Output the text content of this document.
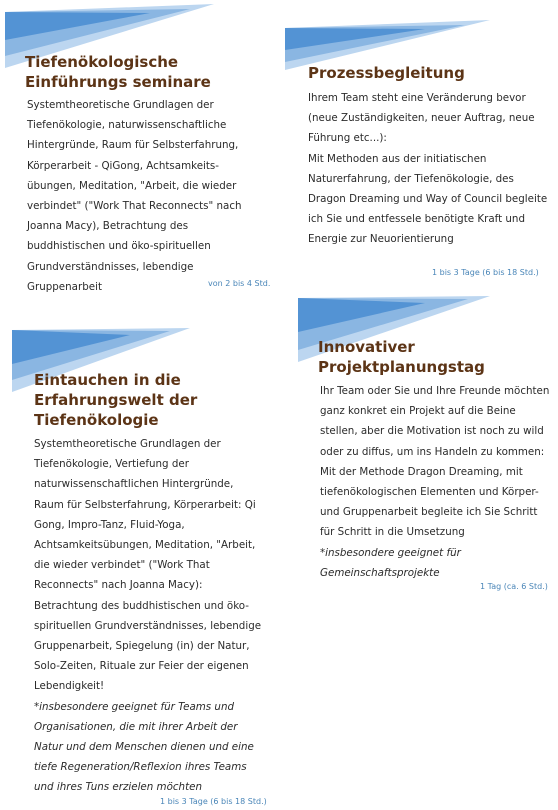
Tiefenökologische Einführungs seminare

Systemtheoretische Grundlagen der Tiefenökologie, naturwissenschaftliche Hintergründe, Raum für Selbsterfahrung, Körperarbeit - QiGong, Achtsamkeits-übungen, Meditation, "Arbeit, die wieder verbindet" ("Work That Reconnects" nach Joanna Macy), Betrachtung des buddhistischen und öko-spirituellen Grundverständnisses, lebendige Gruppenarbeit	von 2 bis 4 Std.
Prozessbegleitung

Ihrem Team steht eine Veränderung bevor (neue Zuständigkeiten, neuer Auftrag, neue Führung etc...):

Mit Methoden aus der initiatischen Naturerfahrung, der Tiefenökologie, des Dragon Dreaming und Way of Council begleite ich Sie und entfessele benötigte Kraft und Energie zur Neuorientierung

1 bis 3 Tage (6 bis 18 Std.)
Eintauchen in die Erfahrungswelt der Tiefenökologie

Systemtheoretische Grundlagen der Tiefenökologie, Vertiefung der naturwissenschaftlichen Hintergründe, Raum für Selbsterfahrung, Körperarbeit: Qi Gong, Impro-Tanz, Fluid-Yoga, Achtsamkeitsübungen, Meditation, "Arbeit, die wieder verbindet" ("Work That Reconnects" nach Joanna Macy): Betrachtung des buddhistischen und öko-spirituellen Grundverständnisses, lebendige Gruppenarbeit, Spiegelung (in) der Natur, Solo-Zeiten, Rituale zur Feier der eigenen Lebendigkeit!

*insbesondere geeignet für Teams und Organisationen, die mit ihrer Arbeit der Natur und dem Menschen dienen und eine tiefe Regeneration/Reflexion ihres Teams und ihres Tuns erzielen möchten

1 bis 3 Tage (6 bis 18 Std.)
Innovativer Projektplanungstag

Ihr Team oder Sie und Ihre Freunde möchten ganz konkret ein Projekt auf die Beine stellen, aber die Motivation ist noch zu wild oder zu diffus, um ins Handeln zu kommen: Mit der Methode Dragon Dreaming, mit tiefenökologischen Elementen und Körper- und Gruppenarbeit begleite ich Sie Schritt für Schritt in die Umsetzung

*insbesondere geeignet für Gemeinschaftsprojekte

1 Tag (ca. 6 Std.)
